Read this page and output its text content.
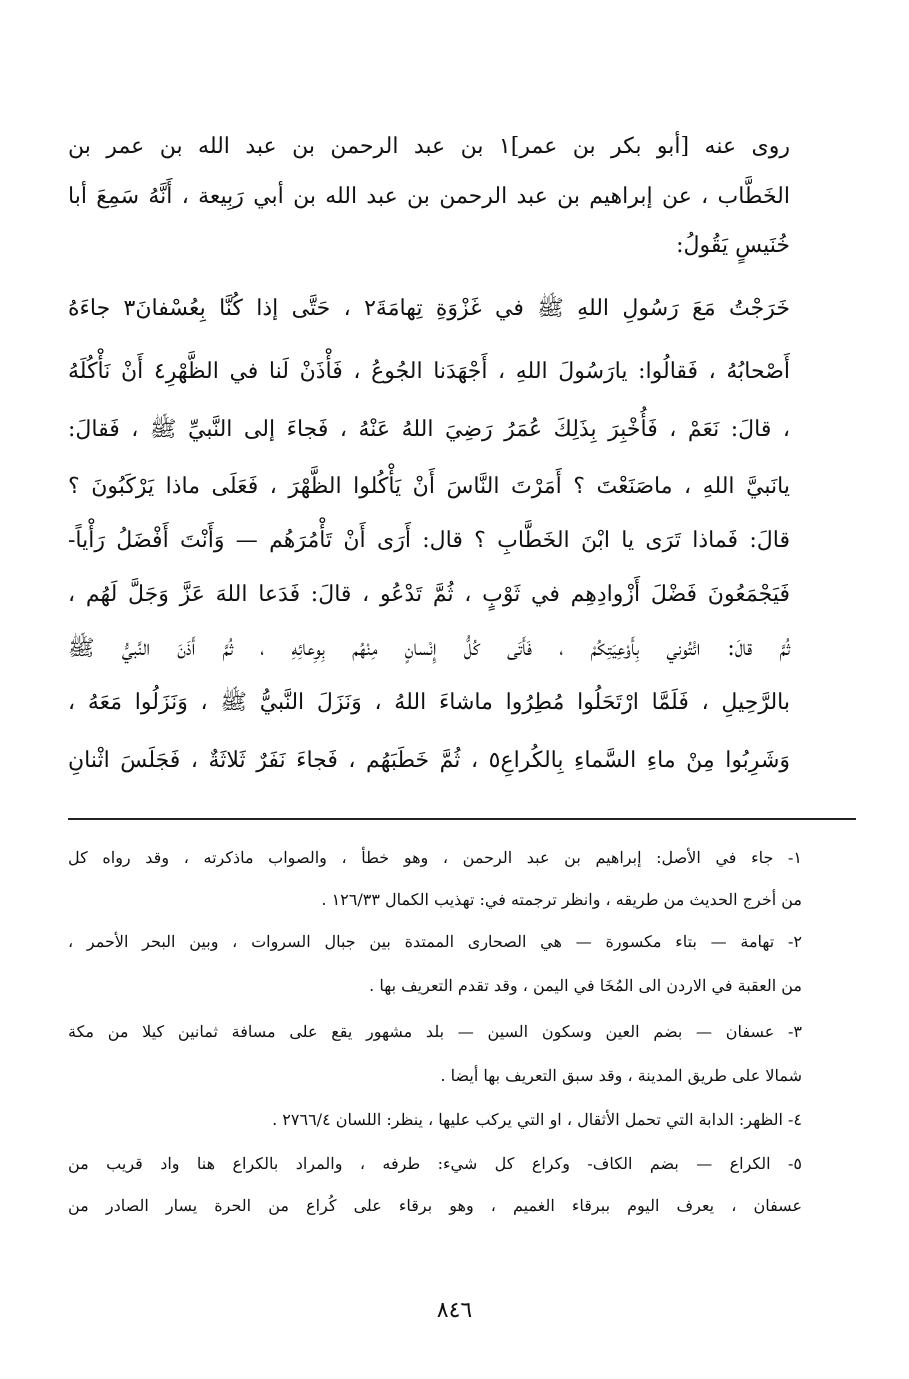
روى عنه [أبو بكر بن عمر]١ بن عبد الرحمن بن عبد الله بن عمر بن
الخَطَّاب ، عن إبراهيم بن عبد الرحمن بن عبد الله بن أبي رَبِيعة ، أَنَّهُ سَمِعَ أبا
خُنَيسٍ يَقُولُ:
خَرَجْتُ مَعَ رَسُولِ اللهِ ﷺ في غَزْوَةِ تِهامَةَ٢ ، حَتَّى إذا كُنَّا بِعُسْفانَ٣ جاءَهُ
أَصْحابُهُ ، فَقالُوا: يارَسُولَ اللهِ ، أَجْهَدَنا الجُوعُ ، فَأْذَنْ لَنا في الظَّهْرِ٤ أَنْ نَأْكُلَهُ
، قالَ: نَعَمْ ، فَأُخْبِرَ بِذَلِكَ عُمَرُ رَضِيَ اللهُ عَنْهُ ، فَجاءَ إلى النَّبيِّ ﷺ ، فَقالَ:
يانَبيَّ اللهِ ، ماصَنَعْتَ ؟ أَمَرْتَ النَّاسَ أَنْ يَأْكُلوا الظَّهْرَ ، فَعَلَى ماذا يَرْكَبُونَ ؟
قالَ: فَماذا تَرَى يا ابْنَ الخَطَّابِ ؟ قال: أَرَى أَنْ تَأْمُرَهُم — وَأَنْتَ أَفْضَلُ رَأْياً-
فَيَجْمَعُونَ فَضْلَ أَزْوادِهِم في ثَوْبٍ ، ثُمَّ تَدْعُو ، قالَ: فَدَعا اللهَ عَزَّ وَجَلَّ لَهُم ،
ثُمَّ قالَ: ائْتُوني بِأَوْعِيَتِكُمْ ، فَأَتَى كُلُّ إِنْسانٍ مِنْهُم بِوِعائِهِ ، ثُمَّ أَذَنَ النَّبيُّ ﷺ
بالرَّحِيلِ ، فَلَمَّا ارْتَحَلُوا مُطِرُوا ماشاءَ اللهُ ، وَنَزَلَ النَّبيُّ ﷺ ، وَنَزَلُوا مَعَهُ ،
وَشَرِبُوا مِنْ ماءِ السَّماءِ بِالكُراعِ٥ ، ثُمَّ خَطَبَهُم ، فَجاءَ نَفَرٌ ثَلاثَةٌ ، فَجَلَسَ اثْنانِ
١- جاء في الأصل: إبراهيم بن عبد الرحمن ، وهو خطأ ، والصواب ماذكرته ، وقد رواه كل
من أخرج الحديث من طريقه ، وانظر ترجمته في: تهذيب الكمال ١٢٦/٣٣ .
٢- تهامة — بتاء مكسورة — هي الصحارى الممتدة بين جبال السروات ، وبين البحر الأحمر ،
من العقبة في الاردن الى المُخَا في اليمن ، وقد تقدم التعريف بها .
٣- عسفان — بضم العين وسكون السين — بلد مشهور يقع على مسافة ثمانين كيلا من مكة
شمالا على طريق المدينة ، وقد سبق التعريف بها أيضا .
٤- الظهر: الدابة التي تحمل الأثقال ، او التي يركب عليها ، ينظر: اللسان ٢٧٦٦/٤ .
٥- الكراع — بضم الكاف- وكراع كل شيء: طرفه ، والمراد بالكراع هنا واد قريب من
عسفان ، يعرف اليوم ببرقاء الغميم ، وهو برقاء على كُراع من الحرة يسار الصادر من
٨٤٦
